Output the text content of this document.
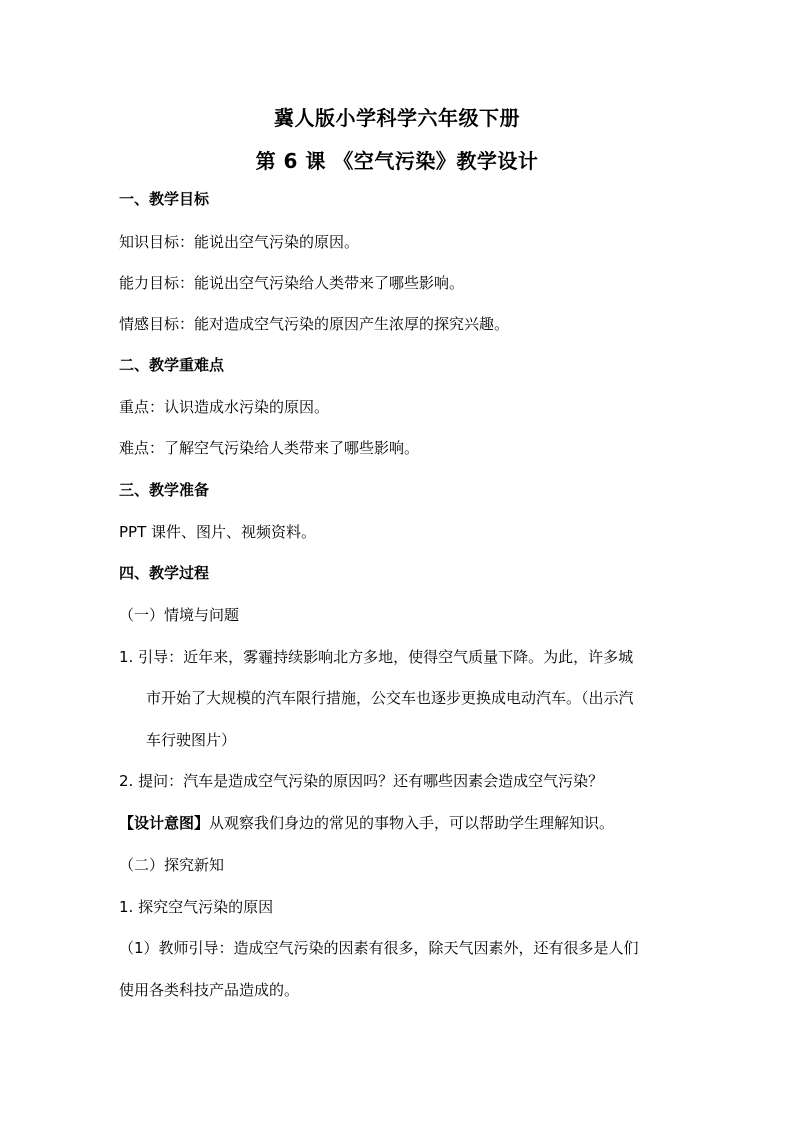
冀人版小学科学六年级下册
第 6 课 《空气污染》教学设计
一、教学目标
知识目标：能说出空气污染的原因。
能力目标：能说出空气污染给人类带来了哪些影响。
情感目标：能对造成空气污染的原因产生浓厚的探究兴趣。
二、教学重难点
重点：认识造成水污染的原因。
难点：了解空气污染给人类带来了哪些影响。
三、教学准备
PPT 课件、图片、视频资料。
四、教学过程
（一）情境与问题
1. 引导：近年来，雾霾持续影响北方多地，使得空气质量下降。为此，许多城
市开始了大规模的汽车限行措施，公交车也逐步更换成电动汽车。（出示汽
车行驶图片）
2. 提问：汽车是造成空气污染的原因吗？还有哪些因素会造成空气污染？
【设计意图】从观察我们身边的常见的事物入手，可以帮助学生理解知识。
（二）探究新知
1. 探究空气污染的原因
（1）教师引导：造成空气污染的因素有很多，除天气因素外，还有很多是人们
使用各类科技产品造成的。
